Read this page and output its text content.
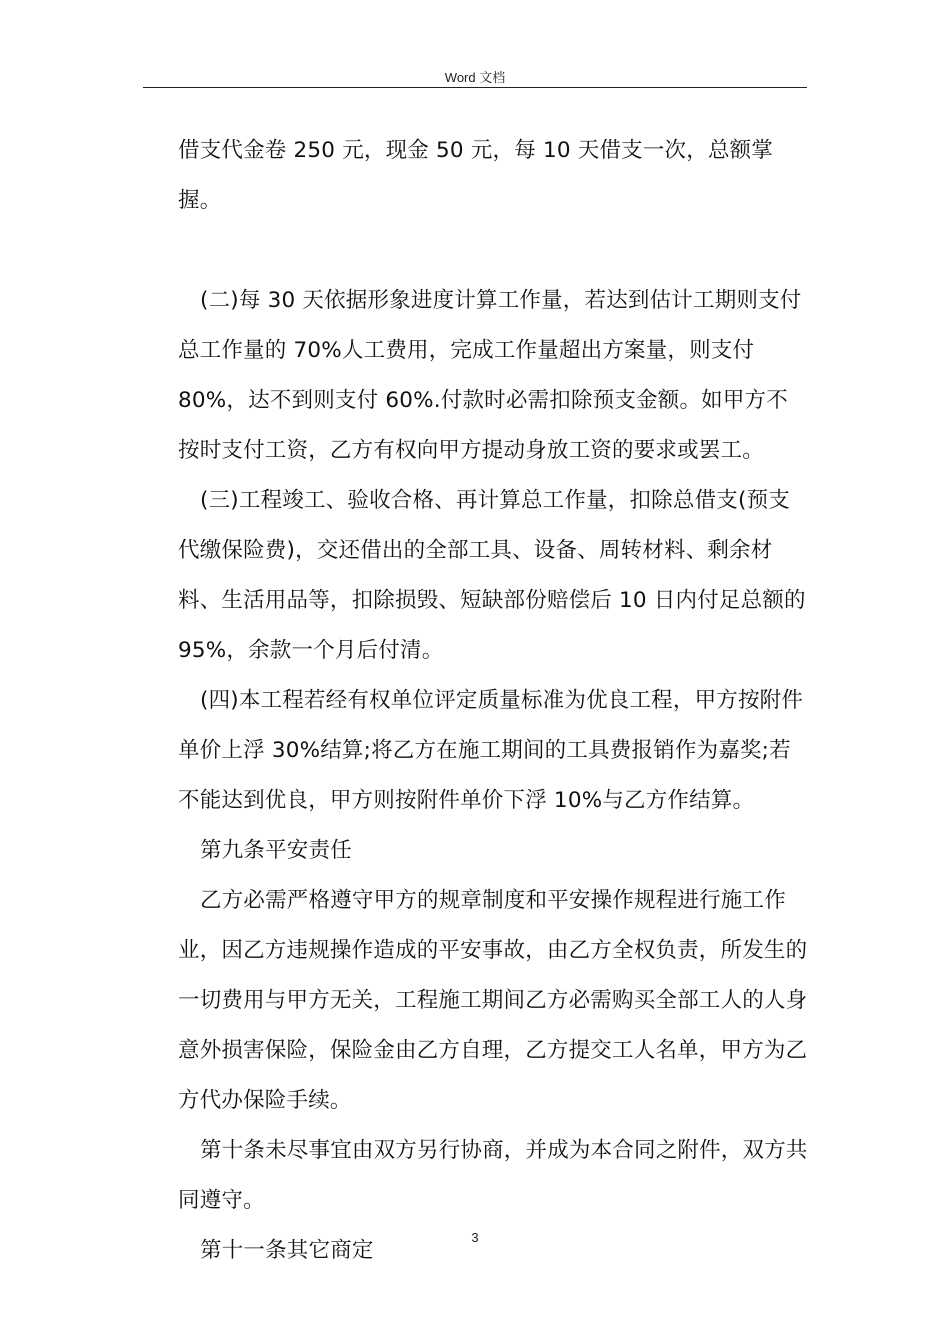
Word 文档

借支代金卷 250 元，现金 50 元，每 10 天借支一次，总额掌握。

(二)每 30 天依据形象进度计算工作量，若达到估计工期则支付总工作量的 70%人工费用，完成工作量超出方案量，则支付 80%，达不到则支付 60%.付款时必需扣除预支金额。如甲方不按时支付工资，乙方有权向甲方提动身放工资的要求或罢工。

(三)工程竣工、验收合格、再计算总工作量，扣除总借支(预支代缴保险费)，交还借出的全部工具、设备、周转材料、剩余材料、生活用品等，扣除损毁、短缺部份赔偿后 10 日内付足总额的 95%，余款一个月后付清。

(四)本工程若经有权单位评定质量标准为优良工程，甲方按附件单价上浮 30%结算;将乙方在施工期间的工具费报销作为嘉奖;若不能达到优良，甲方则按附件单价下浮 10%与乙方作结算。

第九条平安责任

乙方必需严格遵守甲方的规章制度和平安操作规程进行施工作业，因乙方违规操作造成的平安事故，由乙方全权负责，所发生的一切费用与甲方无关，工程施工期间乙方必需购买全部工人的人身意外损害保险，保险金由乙方自理，乙方提交工人名单，甲方为乙方代办保险手续。

第十条未尽事宜由双方另行协商，并成为本合同之附件，双方共同遵守。

第十一条其它商定

3
